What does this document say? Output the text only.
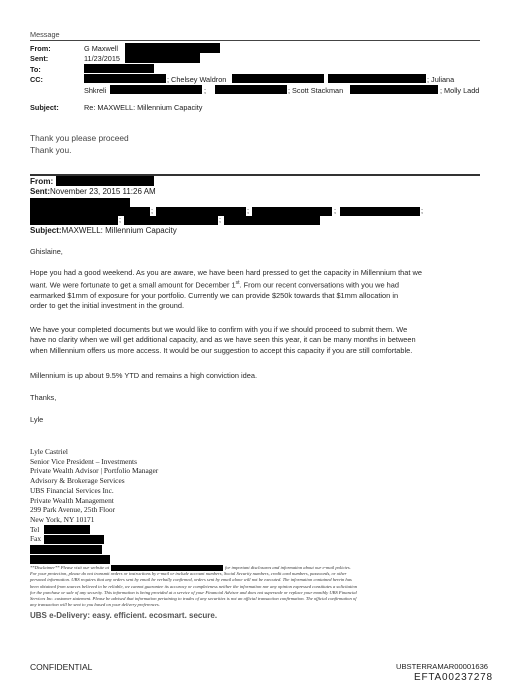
Message
From:	G Maxwell
Sent:	11/23/2015
To:
CC:	; Chelsey Waldron	; Juliana
Shkreli	;	; Scott Stackman	; Molly Ladd
Subject:	Re: MAXWELL: Millennium Capacity
Thank you please proceed
Thank you.
From:
Sent:November 23, 2015 11:26 AM
;	;	;	;
;	;
Subject:MAXWELL: Millennium Capacity
Ghislaine,
Hope you had a good weekend. As you are aware, we have been hard pressed to get the capacity in Millennium that we
want. We were fortunate to get a small amount for December 1st. From our recent conversations with you we had
earmarked $1mm of exposure for your portfolio. Currently we can provide $250k towards that $1mm allocation in
order to get the initial investment in the ground.
We have your completed documents but we would like to confirm with you if we should proceed to submit them. We
have no clarity when we will get additional capacity, and as we have seen this year, it can be many months in between
when Millennium offers us more access. It would be our suggestion to accept this capacity if you are still comfortable.
Millennium is up about 9.5% YTD and remains a high conviction idea.
Thanks,
Lyle
Lyle Castriel
Senior Vice President – Investments
Private Wealth Advisor | Portfolio Manager
Advisory & Brokerage Services
UBS Financial Services Inc.
Private Wealth Management
299 Park Avenue, 25th Floor
New York, NY 10171
Tel
Fax
**Disclaimer** Please visit our website at	for important disclosures and information about our e-mail policies.
For your protection, please do not transmit orders or instructions by e-mail or include account numbers, Social Security numbers, credit card numbers, passwords, or other
personal information. UBS requires that any orders sent by email be verbally confirmed, orders sent by email alone will not be executed. The information contained herein has
been obtained from sources believed to be reliable, we cannot guarantee its accuracy or completeness neither the information nor any opinion expressed constitutes a solicitation
for the purchase or sale of any security. This information is being provided at a service of your Financial Advisor and does not supersede or replace your monthly UBS Financial
Services Inc. customer statement. Please be advised that information pertaining to trades of any securities is not an official transaction confirmation. The official confirmation of
any transaction will be sent to you based on your delivery preferences.
UBS e-Delivery: easy. efficient. ecosmart. secure.
CONFIDENTIAL	UBSTERRAMAR00001636
EFTA00237278
